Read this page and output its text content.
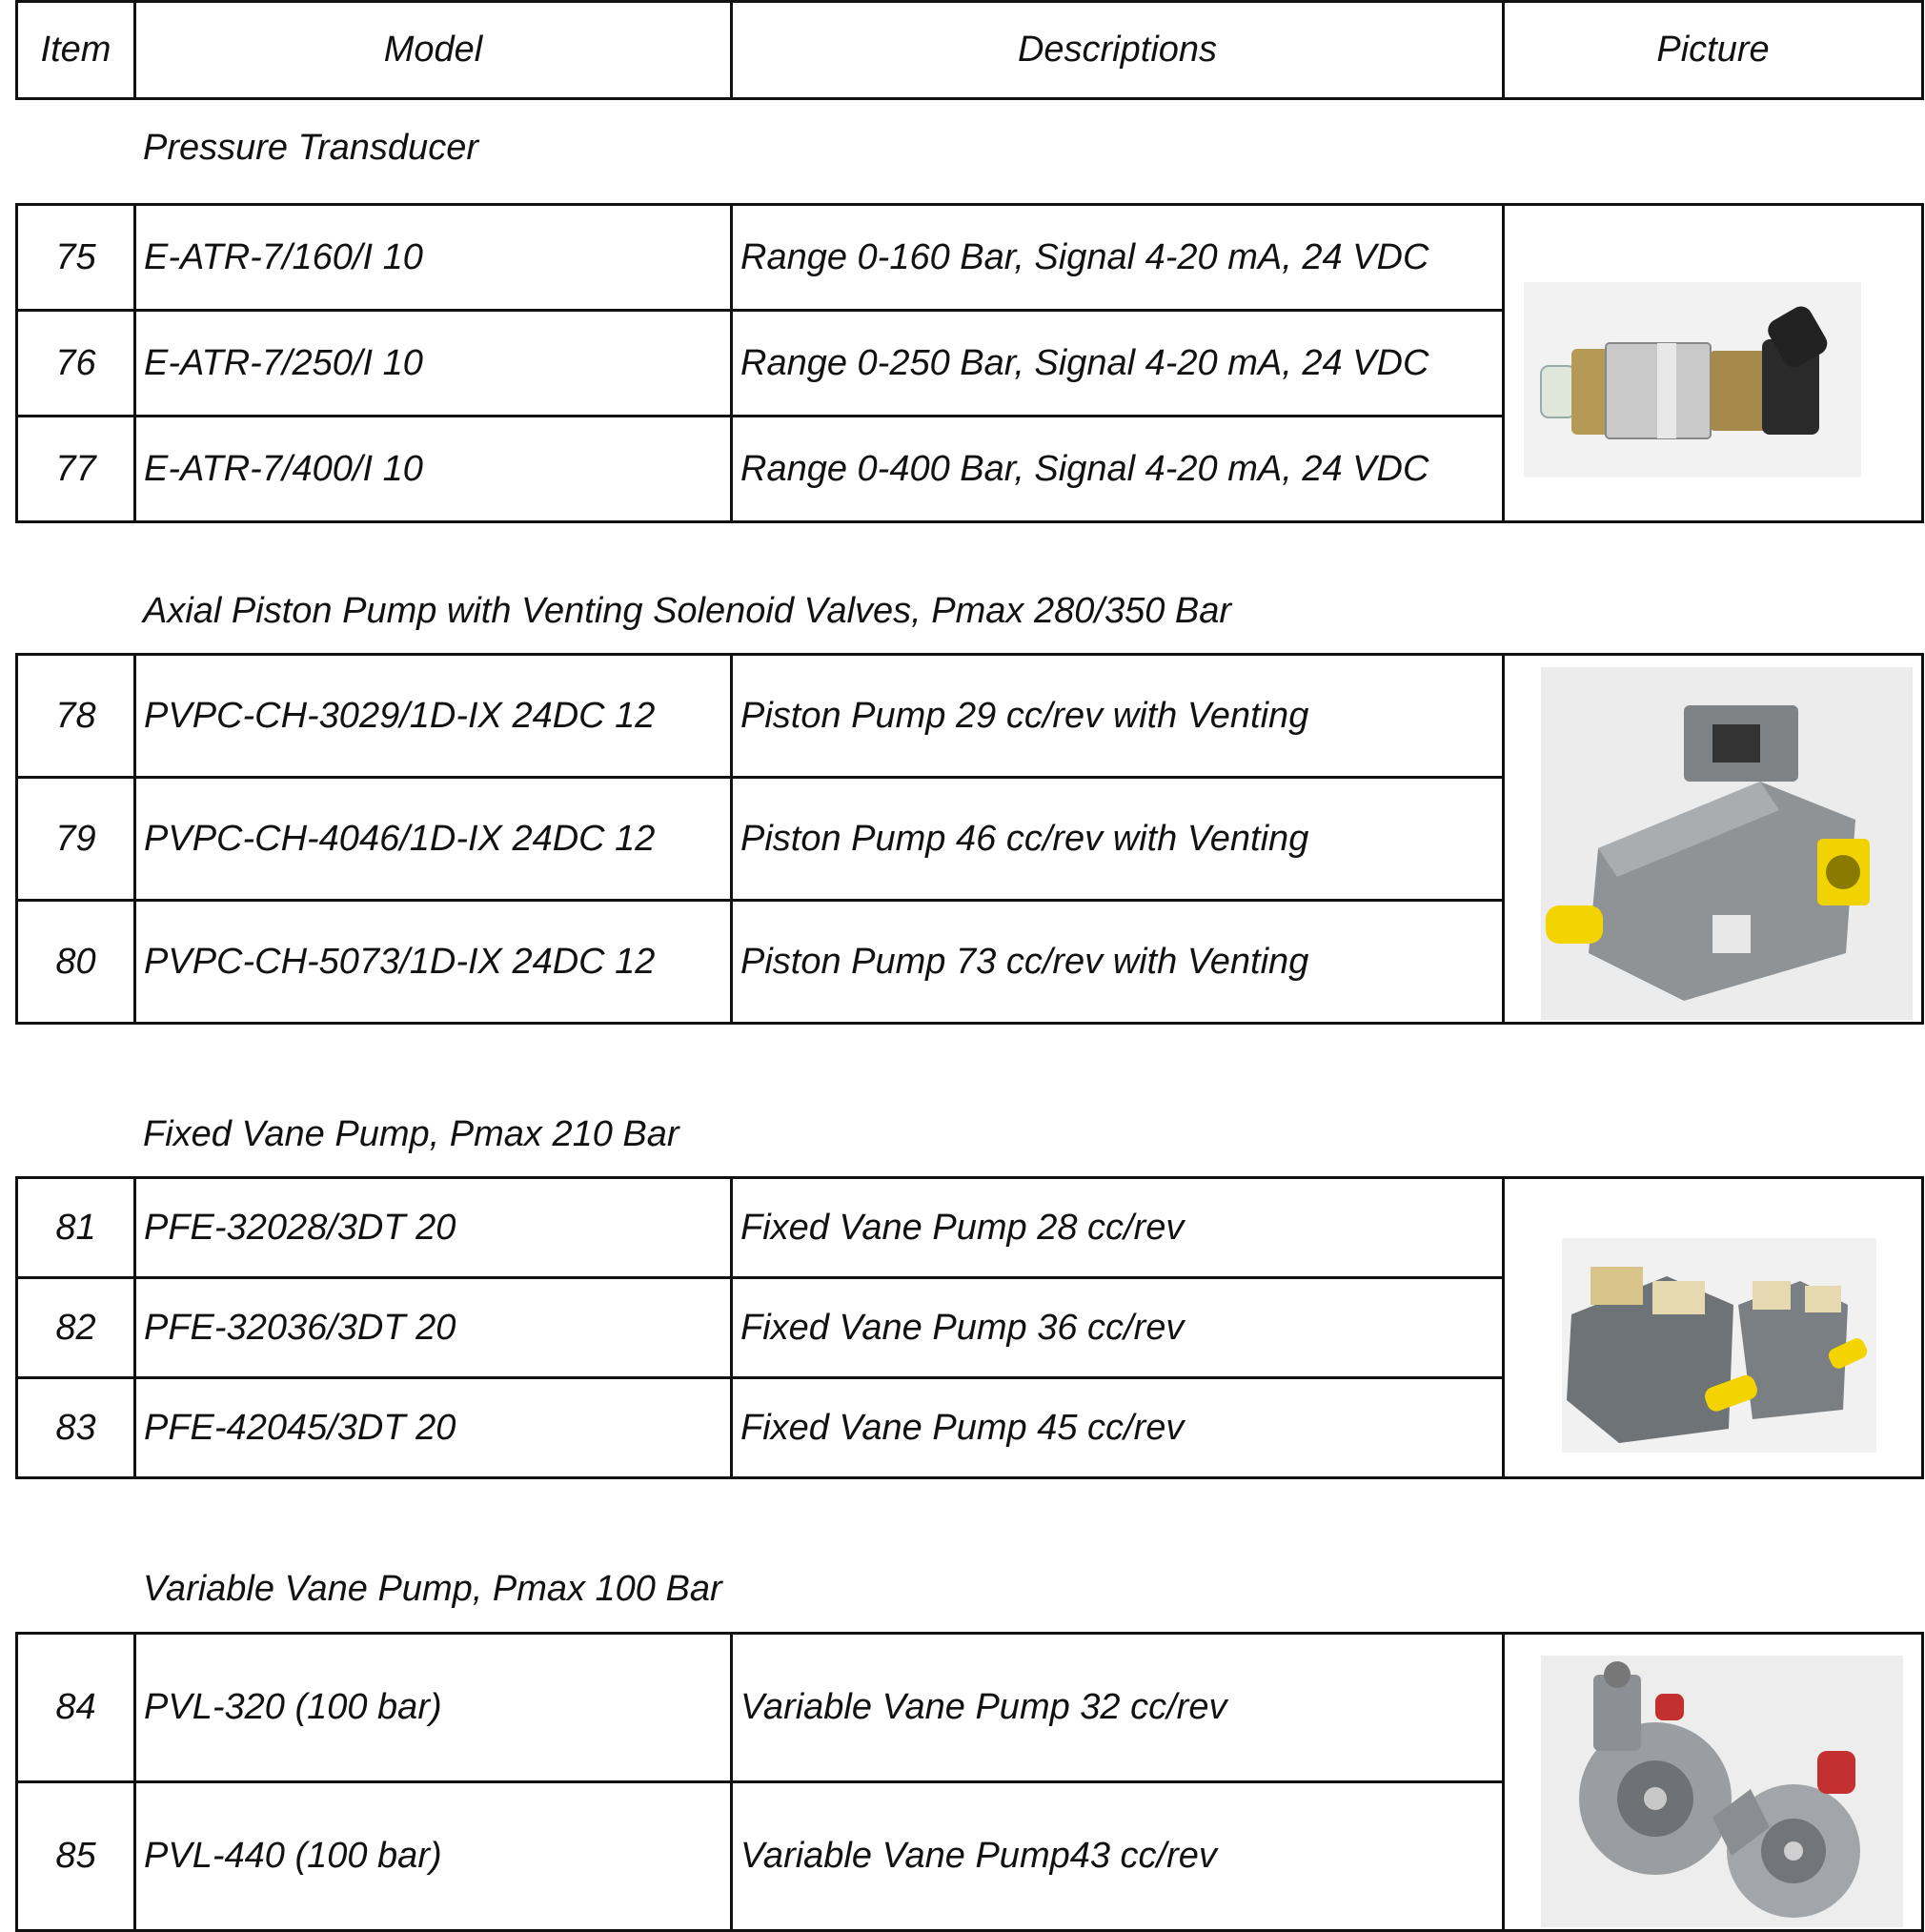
Item	Model	Descriptions	Picture
Pressure Transducer
75	E-ATR-7/160/I 10	Range 0-160 Bar, Signal 4-20 mA, 24 VDC	

76	E-ATR-7/250/I 10	Range 0-250 Bar, Signal 4-20 mA, 24 VDC	
77	E-ATR-7/400/I 10	Range 0-400 Bar, Signal 4-20 mA, 24 VDC	
Axial Piston Pump with Venting Solenoid Valves, Pmax 280/350 Bar
78	PVPC-CH-3029/1D-IX 24DC 12	Piston Pump 29 cc/rev with Venting	

79	PVPC-CH-4046/1D-IX 24DC 12	Piston Pump 46 cc/rev with Venting	
80	PVPC-CH-5073/1D-IX 24DC 12	Piston Pump 73 cc/rev with Venting	
Fixed Vane Pump, Pmax 210 Bar
81	PFE-32028/3DT 20	Fixed Vane Pump 28 cc/rev	

82	PFE-32036/3DT 20	Fixed Vane Pump 36 cc/rev	
83	PFE-42045/3DT 20	Fixed Vane Pump 45 cc/rev	
Variable Vane Pump, Pmax 100 Bar
84	PVL-320 (100 bar)	Variable Vane Pump 32 cc/rev	

85	PVL-440 (100 bar)	Variable Vane Pump43 cc/rev	
